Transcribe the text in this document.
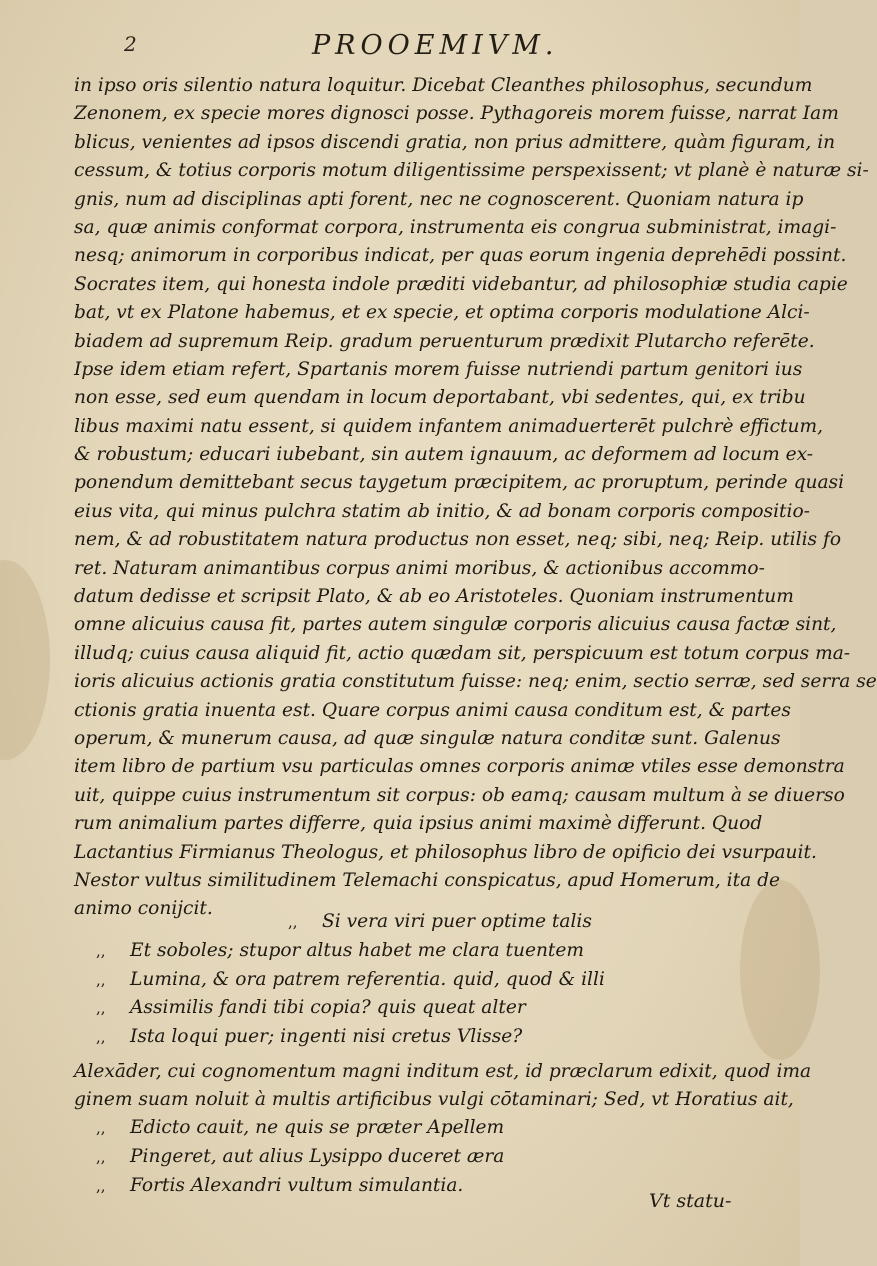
2	PROOEMIVM.
in ipso oris silentio natura loquitur. Dicebat Cleanthes philosophus, secundum
Zenonem, ex specie mores dignosci posse. Pythagoreis morem fuisse, narrat Iam
blicus, venientes ad ipsos discendi gratia, non prius admittere, quàm figuram, in
cessum, & totius corporis motum diligentissime perspexissent; vt planè è naturæ si-
gnis, num ad disciplinas apti forent, nec ne cognoscerent. Quoniam natura ip
sa, quæ animis conformat corpora, instrumenta eis congrua subministrat, imagi-
nesq; animorum in corporibus indicat, per quas eorum ingenia deprehēdi possint.
Socrates item, qui honesta indole præditi videbantur, ad philosophiæ studia capie
bat, vt ex Platone habemus, et ex specie, et optima corporis modulatione Alci-
biadem ad supremum Reip. gradum peruenturum prædixit Plutarcho referēte.
Ipse idem etiam refert, Spartanis morem fuisse nutriendi partum genitori ius
non esse, sed eum quendam in locum deportabant, vbi sedentes, qui, ex tribu
libus maximi natu essent, si quidem infantem animaduerterēt pulchrè effictum,
& robustum; educari iubebant, sin autem ignauum, ac deformem ad locum ex-
ponendum demittebant secus taygetum præcipitem, ac proruptum, perinde quasi
eius vita, qui minus pulchra statim ab initio, & ad bonam corporis compositio-
nem, & ad robustitatem natura productus non esset, neq; sibi, neq; Reip. utilis fo
ret. Naturam animantibus corpus animi moribus, & actionibus accommo-
datum dedisse et scripsit Plato, & ab eo Aristoteles. Quoniam instrumentum
omne alicuius causa fit, partes autem singulæ corporis alicuius causa factæ sint,
illudq; cuius causa aliquid fit, actio quædam sit, perspicuum est totum corpus ma-
ioris alicuius actionis gratia constitutum fuisse: neq; enim, sectio serræ, sed serra se
ctionis gratia inuenta est. Quare corpus animi causa conditum est, & partes
operum, & munerum causa, ad quæ singulæ natura conditæ sunt. Galenus
item libro de partium vsu particulas omnes corporis animæ vtiles esse demonstra
uit, quippe cuius instrumentum sit corpus: ob eamq; causam multum à se diuerso
rum animalium partes differre, quia ipsius animi maximè differunt. Quod
Lactantius Firmianus Theologus, et philosophus libro de opificio dei vsurpauit.
Nestor vultus similitudinem Telemachi conspicatus, apud Homerum, ita de
animo conijcit.
,, Si vera viri puer optime talis
,, Et soboles; stupor altus habet me clara tuentem
,, Lumina, & ora patrem referentia. quid, quod & illi
,, Assimilis fandi tibi copia? quis queat alter
,, Ista loqui puer; ingenti nisi cretus Vlisse?
Alexāder, cui cognomentum magni inditum est, id præclarum edixit, quod ima
ginem suam noluit à multis artificibus vulgi cōtaminari; Sed, vt Horatius ait,
,, Edicto cauit, ne quis se præter Apellem
,, Pingeret, aut alius Lysippo duceret æra
,, Fortis Alexandri vultum simulantia.
Vt statu-
